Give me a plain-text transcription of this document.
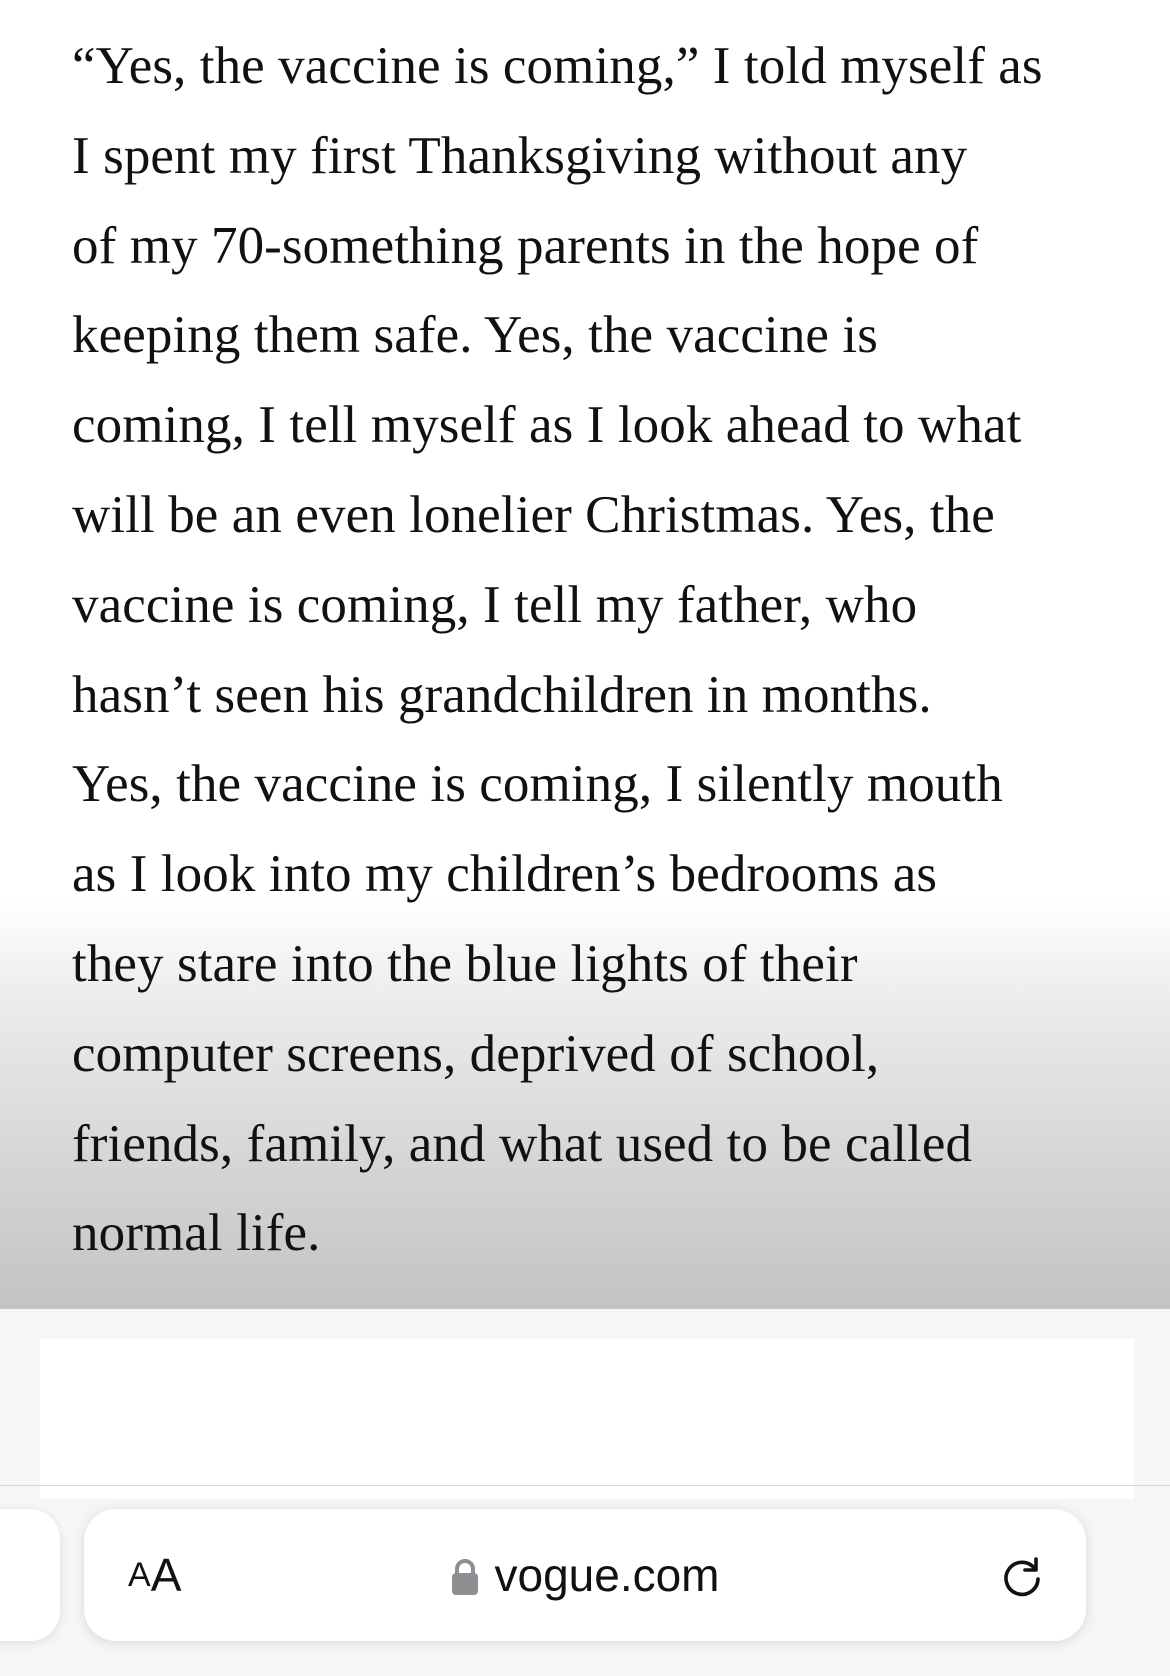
“Yes, the vaccine is coming,” I told myself as
I spent my first Thanksgiving without any
of my 70-something parents in the hope of
keeping them safe. Yes, the vaccine is
coming, I tell myself as I look ahead to what
will be an even lonelier Christmas. Yes, the
vaccine is coming, I tell my father, who
hasn’t seen his grandchildren in months.
Yes, the vaccine is coming, I silently mouth
as I look into my children’s bedrooms as
they stare into the blue lights of their
computer screens, deprived of school,
friends, family, and what used to be called
normal life.

A A	vogue.com
